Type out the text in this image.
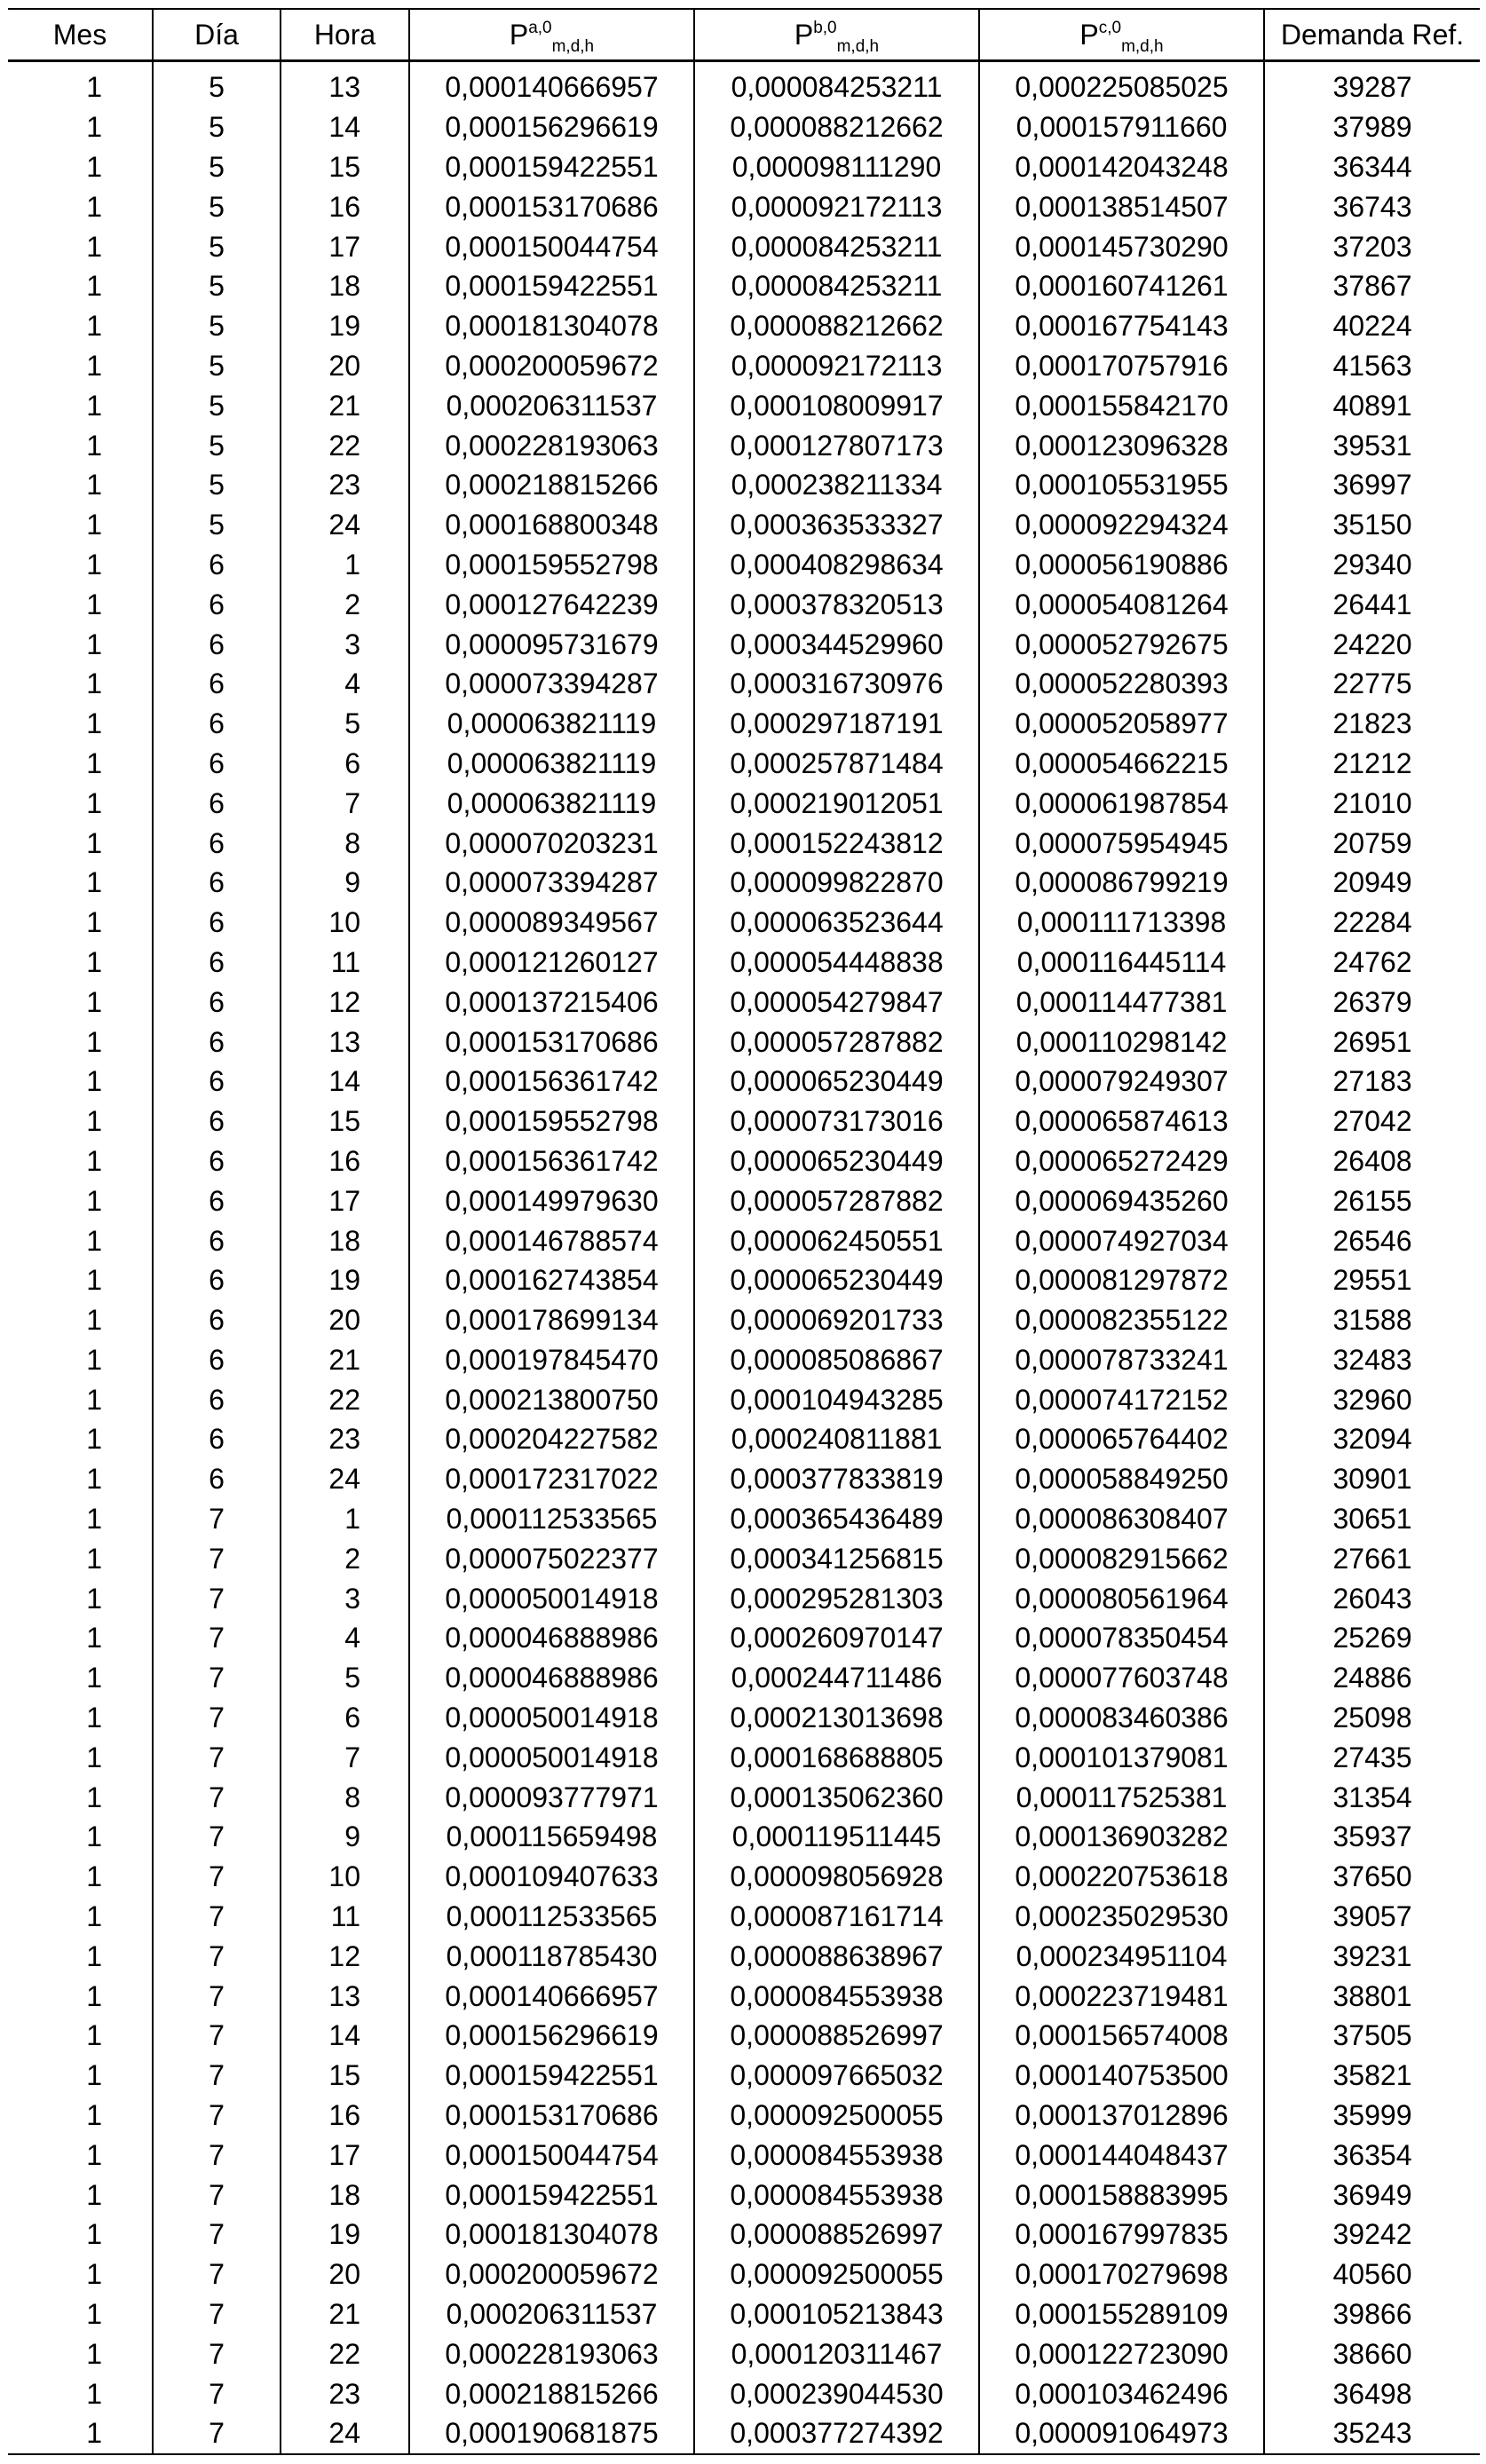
Mes	Día	Hora	P$^{a,0}_{m,d,h}$	P$^{b,0}_{m,d,h}$	P$^{c,0}_{m,d,h}$	Demanda Ref.
1	5	13	0,000140666957	0,000084253211	0,000225085025	39287
1	5	14	0,000156296619	0,000088212662	0,000157911660	37989
1	5	15	0,000159422551	0,000098111290	0,000142043248	36344
1	5	16	0,000153170686	0,000092172113	0,000138514507	36743
1	5	17	0,000150044754	0,000084253211	0,000145730290	37203
1	5	18	0,000159422551	0,000084253211	0,000160741261	37867
1	5	19	0,000181304078	0,000088212662	0,000167754143	40224
1	5	20	0,000200059672	0,000092172113	0,000170757916	41563
1	5	21	0,000206311537	0,000108009917	0,000155842170	40891
1	5	22	0,000228193063	0,000127807173	0,000123096328	39531
1	5	23	0,000218815266	0,000238211334	0,000105531955	36997
1	5	24	0,000168800348	0,000363533327	0,000092294324	35150
1	6	1	0,000159552798	0,000408298634	0,000056190886	29340
1	6	2	0,000127642239	0,000378320513	0,000054081264	26441
1	6	3	0,000095731679	0,000344529960	0,000052792675	24220
1	6	4	0,000073394287	0,000316730976	0,000052280393	22775
1	6	5	0,000063821119	0,000297187191	0,000052058977	21823
1	6	6	0,000063821119	0,000257871484	0,000054662215	21212
1	6	7	0,000063821119	0,000219012051	0,000061987854	21010
1	6	8	0,000070203231	0,000152243812	0,000075954945	20759
1	6	9	0,000073394287	0,000099822870	0,000086799219	20949
1	6	10	0,000089349567	0,000063523644	0,000111713398	22284
1	6	11	0,000121260127	0,000054448838	0,000116445114	24762
1	6	12	0,000137215406	0,000054279847	0,000114477381	26379
1	6	13	0,000153170686	0,000057287882	0,000110298142	26951
1	6	14	0,000156361742	0,000065230449	0,000079249307	27183
1	6	15	0,000159552798	0,000073173016	0,000065874613	27042
1	6	16	0,000156361742	0,000065230449	0,000065272429	26408
1	6	17	0,000149979630	0,000057287882	0,000069435260	26155
1	6	18	0,000146788574	0,000062450551	0,000074927034	26546
1	6	19	0,000162743854	0,000065230449	0,000081297872	29551
1	6	20	0,000178699134	0,000069201733	0,000082355122	31588
1	6	21	0,000197845470	0,000085086867	0,000078733241	32483
1	6	22	0,000213800750	0,000104943285	0,000074172152	32960
1	6	23	0,000204227582	0,000240811881	0,000065764402	32094
1	6	24	0,000172317022	0,000377833819	0,000058849250	30901
1	7	1	0,000112533565	0,000365436489	0,000086308407	30651
1	7	2	0,000075022377	0,000341256815	0,000082915662	27661
1	7	3	0,000050014918	0,000295281303	0,000080561964	26043
1	7	4	0,000046888986	0,000260970147	0,000078350454	25269
1	7	5	0,000046888986	0,000244711486	0,000077603748	24886
1	7	6	0,000050014918	0,000213013698	0,000083460386	25098
1	7	7	0,000050014918	0,000168688805	0,000101379081	27435
1	7	8	0,000093777971	0,000135062360	0,000117525381	31354
1	7	9	0,000115659498	0,000119511445	0,000136903282	35937
1	7	10	0,000109407633	0,000098056928	0,000220753618	37650
1	7	11	0,000112533565	0,000087161714	0,000235029530	39057
1	7	12	0,000118785430	0,000088638967	0,000234951104	39231
1	7	13	0,000140666957	0,000084553938	0,000223719481	38801
1	7	14	0,000156296619	0,000088526997	0,000156574008	37505
1	7	15	0,000159422551	0,000097665032	0,000140753500	35821
1	7	16	0,000153170686	0,000092500055	0,000137012896	35999
1	7	17	0,000150044754	0,000084553938	0,000144048437	36354
1	7	18	0,000159422551	0,000084553938	0,000158883995	36949
1	7	19	0,000181304078	0,000088526997	0,000167997835	39242
1	7	20	0,000200059672	0,000092500055	0,000170279698	40560
1	7	21	0,000206311537	0,000105213843	0,000155289109	39866
1	7	22	0,000228193063	0,000120311467	0,000122723090	38660
1	7	23	0,000218815266	0,000239044530	0,000103462496	36498
1	7	24	0,000190681875	0,000377274392	0,000091064973	35243
